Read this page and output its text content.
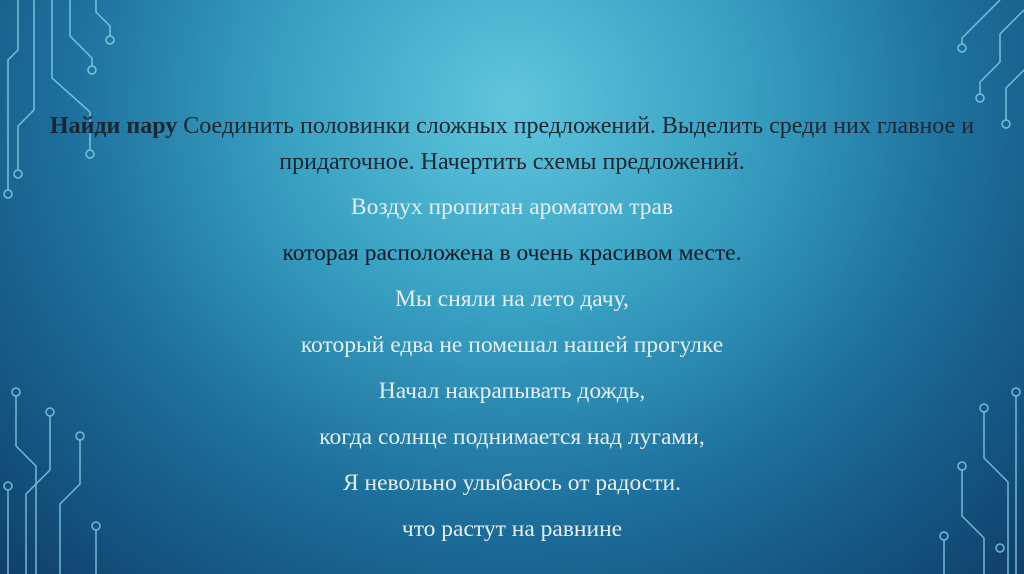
Найди пару Соединить половинки сложных предложений. Выделить среди них главное и придаточное. Начертить схемы предложений.

Воздух пропитан ароматом трав
которая расположена в очень красивом месте.
Мы сняли на лето дачу,
который едва не помешал нашей прогулке
Начал накрапывать дождь,
когда солнце поднимается над лугами,
Я невольно улыбаюсь от радости.
что растут на равнине
